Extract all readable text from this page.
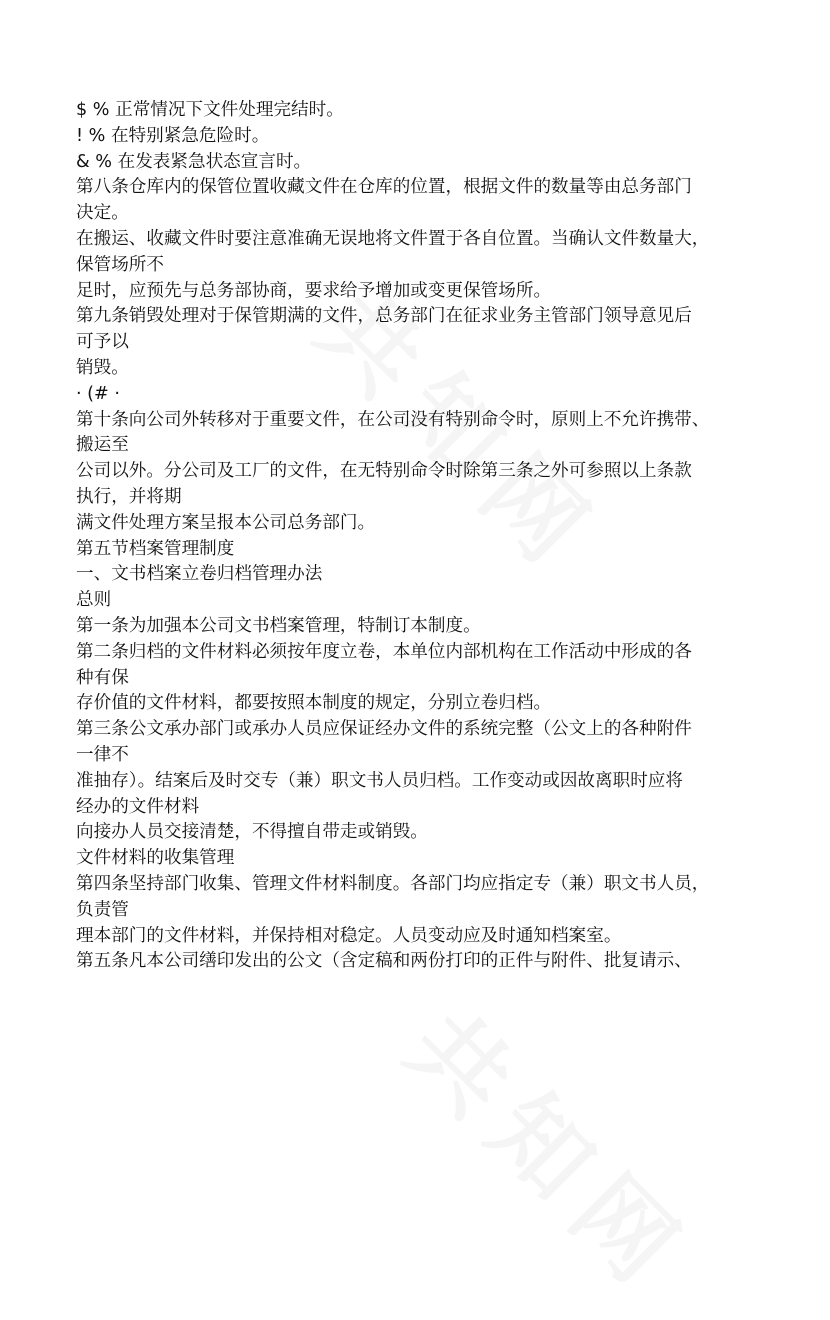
$ % 正常情况下文件处理完结时。
! % 在特别紧急危险时。
& % 在发表紧急状态宣言时。
第八条仓库内的保管位置收藏文件在仓库的位置，根据文件的数量等由总务部门
决定。
在搬运、收藏文件时要注意准确无误地将文件置于各自位置。当确认文件数量大，
保管场所不
足时，应预先与总务部协商，要求给予增加或变更保管场所。
第九条销毁处理对于保管期满的文件，总务部门在征求业务主管部门领导意见后
可予以
销毁。
· (# ·
第十条向公司外转移对于重要文件，在公司没有特别命令时，原则上不允许携带、
搬运至
公司以外。分公司及工厂的文件，在无特别命令时除第三条之外可参照以上条款
执行，并将期
满文件处理方案呈报本公司总务部门。
第五节档案管理制度
一、文书档案立卷归档管理办法
总则
第一条为加强本公司文书档案管理，特制订本制度。
第二条归档的文件材料必须按年度立卷，本单位内部机构在工作活动中形成的各
种有保
存价值的文件材料，都要按照本制度的规定，分别立卷归档。
第三条公文承办部门或承办人员应保证经办文件的系统完整（公文上的各种附件
一律不
准抽存）。结案后及时交专（兼）职文书人员归档。工作变动或因故离职时应将
经办的文件材料
向接办人员交接清楚，不得擅自带走或销毁。
文件材料的收集管理
第四条坚持部门收集、管理文件材料制度。各部门均应指定专（兼）职文书人员，
负责管
理本部门的文件材料，并保持相对稳定。人员变动应及时通知档案室。
第五条凡本公司缮印发出的公文（含定稿和两份打印的正件与附件、批复请示、
